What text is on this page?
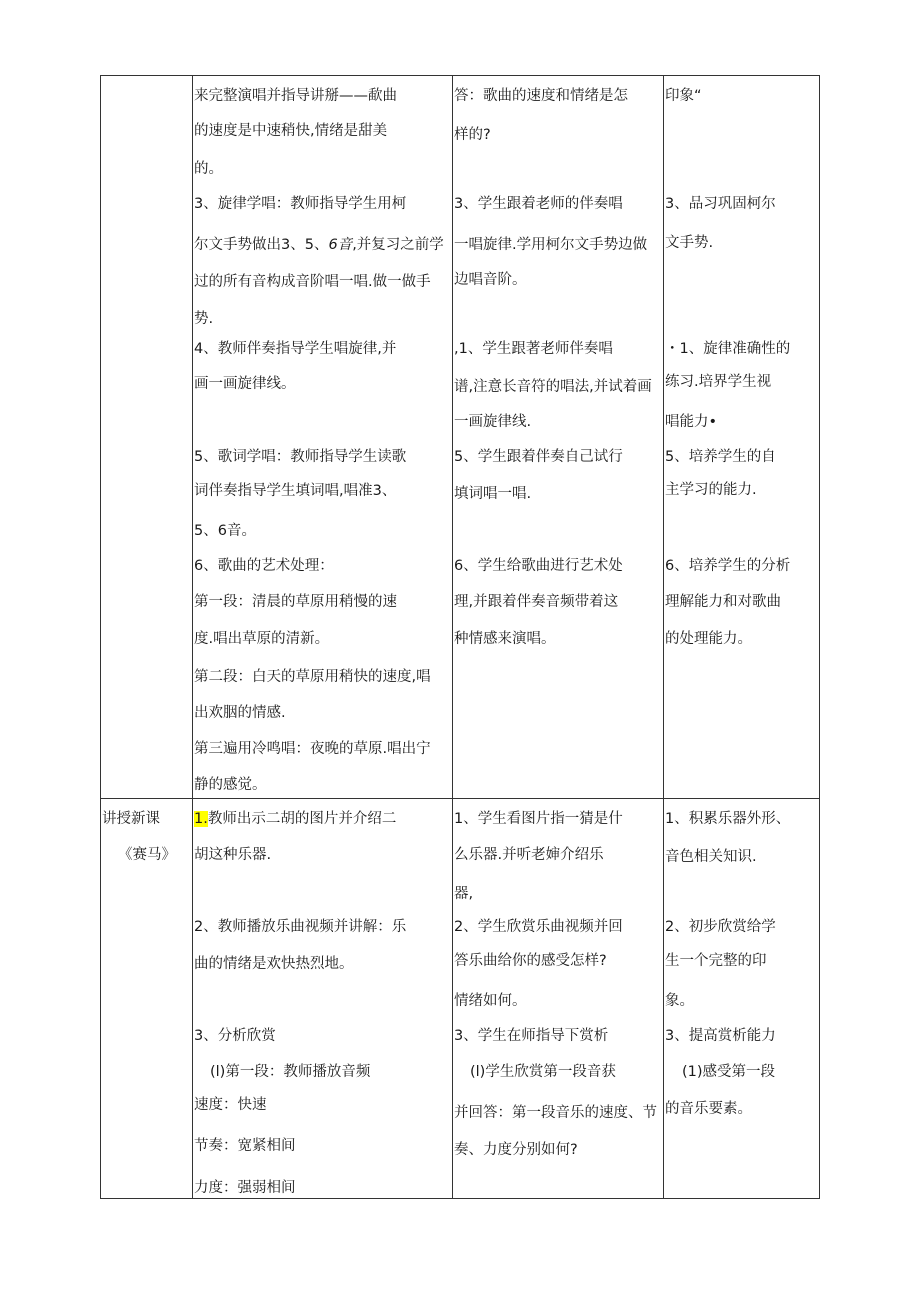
讲授新课
《赛马》
来完整演唱并指导讲掰——歃曲
的速度是中速稍快,情绪是甜美
的。
3、旋律学唱：教师指导学生用柯
尔文手势做出3、5、6音,并复习之前学
过的所有音构成音阶唱一唱.做一做手
势.
4、教师伴奏指导学生唱旋律,并
画一画旋律线。
5、歌词学唱：教师指导学生读歌
词伴奏指导学生填词唱,唱准3、
5、6音。
6、歌曲的艺术处理：
第一段：清晨的草原用稍慢的速
度.唱出草原的清新。
第二段：白天的草原用稍快的速度,唱
出欢胭的情感.
第三遍用冷鸣唱：夜晚的草原.唱出宁
静的感觉。
答：歌曲的速度和情绪是怎
样的?
3、学生跟着老师的伴奏唱
一唱旋律.学用柯尔文手势边做
边唱音阶。
,1、学生跟著老师伴奏唱
谱,注意长音符的唱法,并试着画
一画旋律线.
5、学生跟着伴奏自己试行
填词唱一唱.
6、学生给歌曲进行艺术处
理,并跟着伴奏音频带着这
种情感来演唱。
印象“
3、品习巩固柯尔
文手势.
・1、旋律准确性的
练习.培界学生视
唱能力•
5、培养学生的自
主学习的能力.
6、培养学生的分析
理解能力和对歌曲
的处理能力。
1.教师出示二胡的图片并介绍二
胡这种乐器.
2、教师播放乐曲视频并讲解：乐
曲的情绪是欢快热烈地。
3、分析欣赏
(l)第一段：教师播放音频
速度：快速
节奏：宽紧相间
力度：强弱相间
1、学生看图片指一猜是什
么乐器.并听老婶介绍乐
器,
2、学生欣赏乐曲视频并回
答乐曲给你的感受怎样?
情绪如何。
3、学生在师指导下赏析
(l)学生欣赏第一段音获
并回答：第一段音乐的速度、节
奏、力度分别如何?
1、积累乐器外形、
音色相关知识.
2、初步欣赏给学
生一个完整的印
象。
3、提高赏析能力
(1)感受第一段
的音乐要素。
